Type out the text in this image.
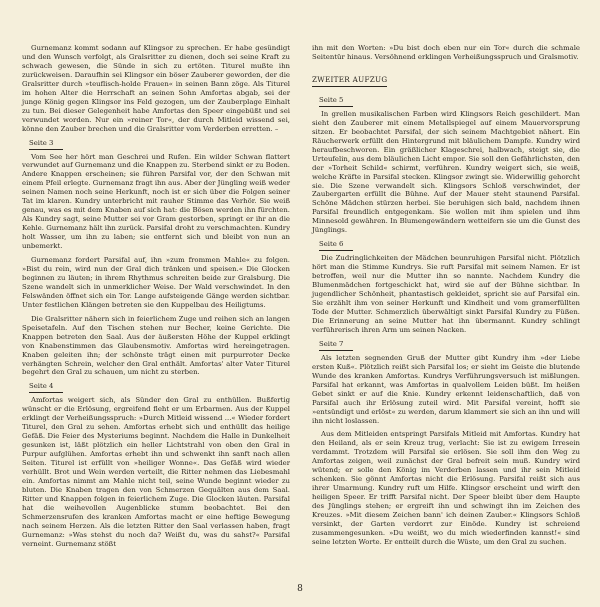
Gurnemanz kommt sodann auf Klingsor zu sprechen. Er habe gesündigt und den Wunsch verfolgt, als Gralsritter zu dienen, doch sei seine Kraft zu schwach gewesen, die Sünde in sich zu ertöten. Titurel mußte ihn zurückweisen. Daraufhin sei Klingsor ein böser Zauberer geworden, der die Gralsritter durch »teuflisch-holde Frauen« in seinen Bann zöge. Als Titurel im hohen Alter die Herrschaft an seinen Sohn Amfortas abgab, sei der junge König gegen Klingsor ins Feld gezogen, um der Zauberplage Einhalt zu tun. Bei dieser Gelegenheit habe Amfortas den Speer eingebüßt und sei verwundet worden. Nur ein »reiner Tor«, der durch Mitleid wissend sei, könne den Zauber brechen und die Gralsritter vom Verderben erretten. –

Seite 3

Vom See her hört man Geschrei und Rufen. Ein wilder Schwan flattert verwundet auf Gurnemanz und die Knappen zu. Sterbend sinkt er zu Boden. Andere Knappen erscheinen; sie führen Parsifal vor, der den Schwan mit einem Pfeil erlegte. Gurnemanz fragt ihn aus. Aber der Jüngling weiß weder seinen Namen noch seine Herkunft, noch ist er sich über die Folgen seiner Tat im klaren. Kundry unterbricht mit rauher Stimme das Verhör. Sie weiß genau, was es mit dem Knaben auf sich hat: die Bösen werden ihn fürchten. Als Kundry sagt, seine Mutter sei vor Gram gestorben, springt er ihr an die Kehle. Gurnemanz hält ihn zurück. Parsifal droht zu verschmachten. Kundry holt Wasser, um ihn zu laben; sie entfernt sich und bleibt von nun an unbemerkt.

Gurnemanz fordert Parsifal auf, ihn »zum frommen Mahle« zu folgen. »Bist du rein, wird nun der Gral dich tränken und speisen.« Die Glocken beginnen zu läuten; in ihrem Rhythmus schreiten beide zur Gralsburg. Die Szene wandelt sich in unmerklicher Weise. Der Wald verschwindet. In den Felswänden öffnet sich ein Tor. Lange aufsteigende Gänge werden sichtbar. Unter festlichen Klängen betreten sie den Kuppelbau des Heiligtums.

Die Gralsritter nähern sich in feierlichem Zuge und reihen sich an langen Speisetafeln. Auf den Tischen stehen nur Becher, keine Gerichte. Die Knappen betreten den Saal. Aus der äußersten Höhe der Kuppel erklingt von Knabenstimmen das Glaubensmotiv. Amfortas wird hereingetragen. Knaben geleiten ihn; der schönste trägt einen mit purpurroter Decke verhängten Schrein, welcher den Gral enthält. Amfortas' alter Vater Titurel begehrt den Gral zu schauen, um nicht zu sterben.

Seite 4

Amfortas weigert sich, als Sünder den Gral zu enthüllen. Bußfertig wünscht er die Erlösung, ergreifend fleht er um Erbarmen. Aus der Kuppel erklingt der Verheißungsspruch: »Durch Mitleid wissend ...« Wieder fordert Titurel, den Gral zu sehen. Amfortas erhebt sich und enthüllt das heilige Gefäß. Die Feier des Mysteriums beginnt. Nachdem die Halle in Dunkelheit gesunken ist, läßt plötzlich ein heller Lichtstrahl von oben den Gral in Purpur aufglühen. Amfortas erhebt ihn und schwenkt ihn sanft nach allen Seiten. Titurel ist erfüllt von »heiliger Wonne«. Das Gefäß wird wieder verhüllt. Brot und Wein werden verteilt, die Ritter nehmen das Liebesmahl ein. Amfortas nimmt am Mahle nicht teil, seine Wunde beginnt wieder zu bluten. Die Knaben tragen den von Schmerzen Gequälten aus dem Saal. Ritter und Knappen folgen in feierlichem Zuge. Die Glocken läuten. Parsifal hat die weihevollen Augenblicke stumm beobachtet. Bei den Schmerzensrufen des kranken Amfortas macht er eine heftige Bewegung nach seinem Herzen. Als die letzten Ritter den Saal verlassen haben, fragt Gurnemanz: »Was stehst du noch da? Weißt du, was du sahst?« Parsifal verneint. Gurnemanz stößt

ihn mit den Worten: »Du bist doch eben nur ein Tor« durch die schmale Seitentür hinaus. Versöhnend erklingen Verheißungsspruch und Gralsmotiv.

ZWEITER AUFZUG
Seite 5

In grellen musikalischen Farben wird Klingsors Reich geschildert. Man sieht den Zauberer mit einem Metallspiegel auf einem Mauervorsprung sitzen. Er beobachtet Parsifal, der sich seinem Machtgebiet nähert. Ein Räucherwerk erfüllt den Hintergrund mit bläulichem Dampfe. Kundry wird heraufbeschworen. Ein gräßlicher Klageschrei, halbwach, steigt sie, die Urteufelin, aus dem bläulichen Licht empor. Sie soll den Gefährlichsten, den der »Torheit Schild« schirmt, verführen. Kundry weigert sich, sie weiß, welche Kräfte in Parsifal stecken. Klingsor zwingt sie. Widerwillig gehorcht sie. Die Szene verwandelt sich. Klingsors Schloß verschwindet, der Zaubergarten erfüllt die Bühne. Auf der Mauer steht staunend Parsifal. Schöne Mädchen stürzen herbei. Sie beruhigen sich bald, nachdem ihnen Parsifal freundlich entgegenkam. Sie wollen mit ihm spielen und ihm Minnesold gewähren. In Blumengewändern wetteifern sie um die Gunst des Jünglings.

Seite 6

Die Zudringlichkeiten der Mädchen beunruhigen Parsifal nicht. Plötzlich hört man die Stimme Kundrys. Sie ruft Parsifal mit seinem Namen. Er ist betroffen, weil nur die Mutter ihn so nannte. Nachdem Kundry die Blumenmädchen fortgeschickt hat, wird sie auf der Bühne sichtbar. In jugendlicher Schönheit, phantastisch gekleidet, spricht sie auf Parsifal ein. Sie erzählt ihm von seiner Herkunft und Kindheit und vom gramerfüllten Tode der Mutter. Schmerzlich überwältigt sinkt Parsifal Kundry zu Füßen. Die Erinnerung an seine Mutter hat ihn übermannt. Kundry schlingt verführerisch ihren Arm um seinen Nacken.

Seite 7

Als letzten segnenden Gruß der Mutter gibt Kundry ihm »der Liebe ersten Kuß«. Plötzlich reißt sich Parsifal los; er sieht im Geiste die blutende Wunde des kranken Amfortas. Kundrys Verführungsversuch ist mißlungen. Parsifal hat erkannt, was Amfortas in qualvollem Leiden büßt. Im heißen Gebet sinkt er auf die Knie. Kundry erkennt leidenschaftlich, daß von Parsifal auch ihr Erlösung zuteil wird. Mit Parsifal vereint, hofft sie »entsündigt und erlöst« zu werden, darum klammert sie sich an ihn und will ihn nicht loslassen.

Aus dem Mitleiden entspringt Parsifals Mitleid mit Amfortas. Kundry hat den Heiland, als er sein Kreuz trug, verlacht: Sie ist zu ewigem Irresein verdammt. Trotzdem will Parsifal sie erlösen. Sie soll ihm den Weg zu Amfortas zeigen, weil zunächst der Gral befreit sein muß. Kundry wird wütend; er solle den König im Verderben lassen und ihr sein Mitleid schenken. Sie gönnt Amfortas nicht die Erlösung. Parsifal reißt sich aus ihrer Umarmung. Kundry ruft um Hilfe. Klingsor erscheint und wirft den heiligen Speer. Er trifft Parsifal nicht. Der Speer bleibt über dem Haupte des Jünglings stehen; er ergreift ihn und schwingt ihn im Zeichen des Kreuzes. »Mit diesem Zeichen bann' ich deinen Zauber.« Klingsors Schloß versinkt, der Garten verdorrt zur Einöde. Kundry ist schreiend zusammengesunken. »Du weißt, wo du mich wiederfinden kannst!« sind seine letzten Worte. Er entteilt durch die Wüste, um den Gral zu suchen.

8
